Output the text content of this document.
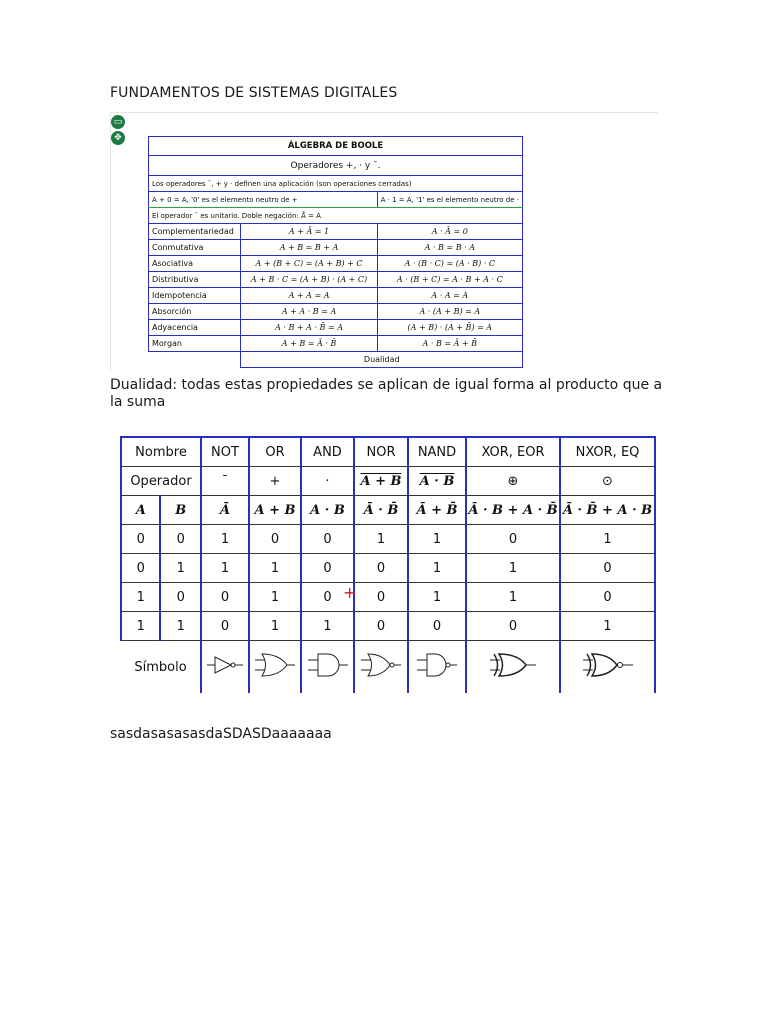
FUNDAMENTOS DE SISTEMAS DIGITALES
▭
✥
ÁLGEBRA DE BOOLE		
Operadores +, · y ¯.		
Los operadores ¯, + y · definen una aplicación (son operaciones cerradas)		
A + 0 = A, '0' es el elemento neutro de +		A · 1 = A, '1' es el elemento neutro de ·
El operador ¯ es unitario. Doble negación: Ā̄ = A		
Complementariedad	A + Ā = 1	A · Ā = 0
Conmutativa	A + B = B + A	A · B = B · A
Asociativa	A + (B + C) = (A + B) + C	A · (B · C) = (A · B) · C
Distributiva	A + B · C = (A + B) · (A + C)	A · (B + C) = A · B + A · C
Idempotencia	A + A = A	A · A = A
Absorción	A + A · B = A	A · (A + B) = A
Adyacencia	A · B + A · B̄ = A	(A + B) · (A + B̄) = A
Morgan	A + B = Ā · B̄	A · B = Ā + B̄
	Dualidad	
Dualidad: todas estas propiedades se aplican de igual forma al producto que a la suma
Nombre		NOT	OR	AND	NOR	NAND	XOR, EOR	NXOR, EQ
Operador		¯	+	·	A + B	A · B	⊕	⊙
A	B	Ā	A + B	A · B	Ā · B̄	Ā + B̄	Ā · B + A · B̄	Ā · B̄ + A · B
0	0	1	0	0	1	1	0	1
0	1	1	1	0	0	1	1	0
1	0	0	1	0	0	1	1	0
1	1	0	1	1	0	0	0	1
Símbolo							
+
sasdasasasasdaSDASDaaaaaaa
